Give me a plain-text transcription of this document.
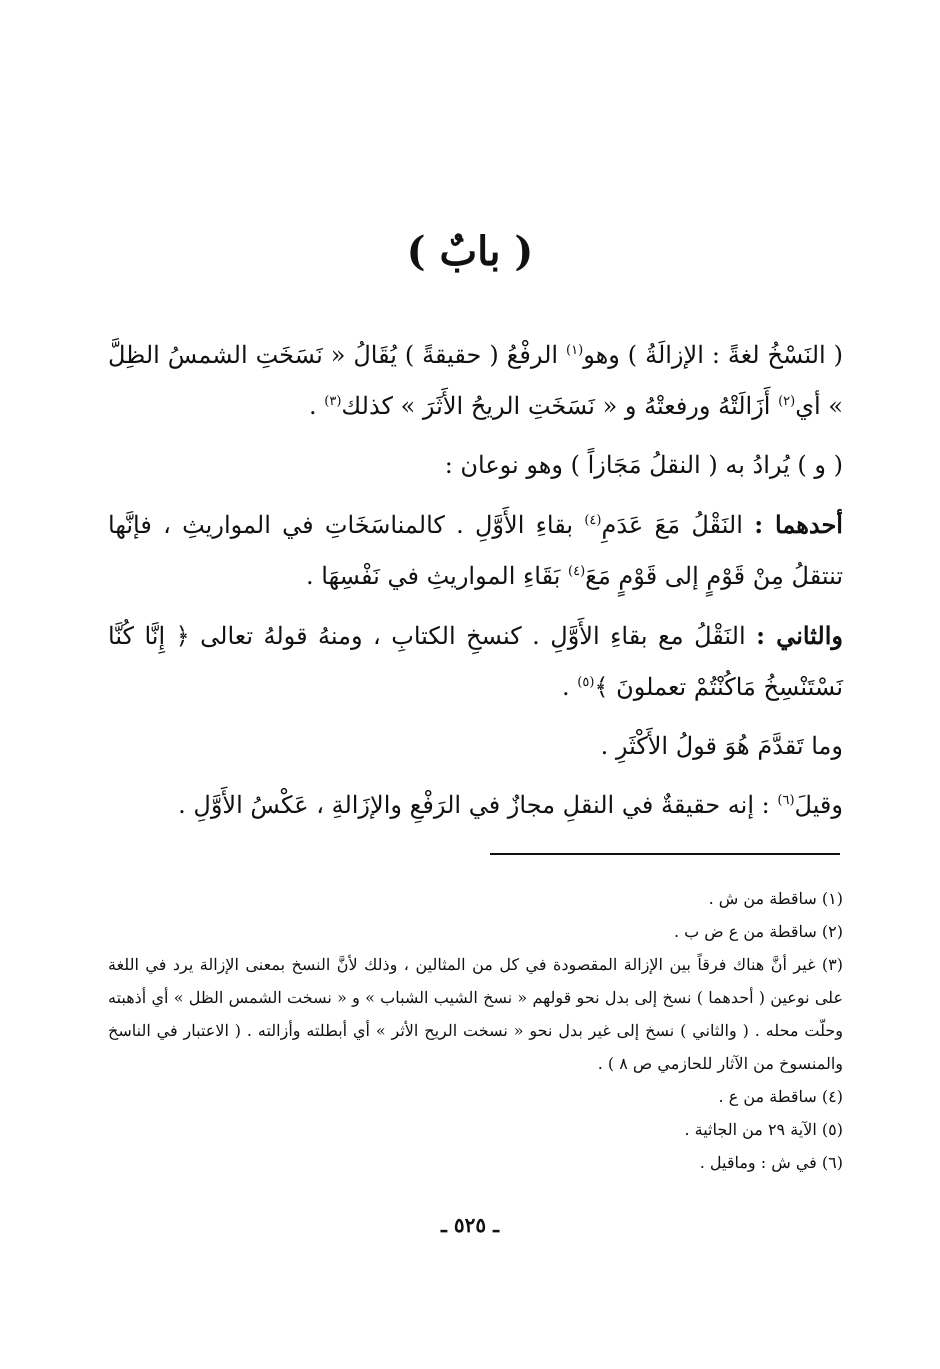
( بابٌ )

( النَسْخُ لغةً : الإزالَةُ ) وهو$^{(١)}$ الرفْعُ ( حقيقةً ) يُقَالُ « نَسَخَتِ الشمسُ الظِلَّ » أي$^{(٢)}$ أَزَالَتْهُ ورفعتْهُ و « نَسَخَتِ الريحُ الأَثَرَ » كذلك$^{(٣)}$ .

( و ) يُرادُ به ( النقلُ مَجَازاً ) وهو نوعان :

أحدهما : النَقْلُ مَعَ عَدَمِ$^{(٤)}$ بقاءِ الأَوَّلِ . كالمناسَخَاتِ في المواريثِ ، فإنَّها تنتقلُ مِنْ قَوْمٍ إلى قَوْمٍ مَعَ$^{(٤)}$ بَقَاءِ المواريثِ في نَفْسِهَا .

والثاني : النَقْلُ مع بقاءِ الأَوَّلِ . كنسخِ الكتابِ ، ومنهُ قولهُ تعالى ﴿ إِنَّا كُنَّا نَسْتَنْسِخُ مَاكُنْتُمْ تعملونَ ﴾$^{(٥)}$ .

وما تَقدَّمَ هُوَ قولُ الأَكْثَرِ .

وقيلَ$^{(٦)}$ : إنه حقيقةٌ في النقلِ مجازٌ في الرَفْعِ والإزَالةِ ، عَكْسُ الأَوَّلِ .

(١) ساقطة من ش .

(٢) ساقطة من ع ض ب .

(٣) غير أنَّ هناك فرقاً بين الإزالة المقصودة في كل من المثالين ، وذلك لأنَّ النسخ بمعنى الإزالة يرد في اللغة على نوعين ( أحدهما ) نسخ إلى بدل نحو قولهم « نسخ الشيب الشباب » و « نسخت الشمس الظل » أي أذهبته وحلّت محله . ( والثاني ) نسخ إلى غير بدل نحو « نسخت الريح الأثر » أي أبطلته وأزالته . ( الاعتبار في الناسخ والمنسوخ من الآثار للحازمي ص ٨ ) .

(٤) ساقطة من ع .

(٥) الآية ٢٩ من الجاثية .

(٦) في ش : وماقيل .

ـ ٥٢٥ ـ
